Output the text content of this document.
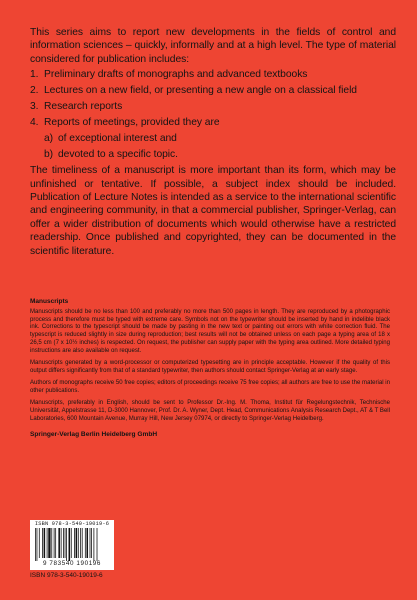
This series aims to report new developments in the fields of control and information sciences – quickly, informally and at a high level. The type of material considered for publication includes:

1. Preliminary drafts of monographs and advanced textbooks
2. Lectures on a new field, or presenting a new angle on a classical field
3. Research reports
4. Reports of meetings, provided they are
a) of exceptional interest and
b) devoted to a specific topic.

The timeliness of a manuscript is more important than its form, which may be unfinished or tentative. If possible, a subject index should be included. Publication of Lecture Notes is intended as a service to the international scientific and engineering community, in that a commercial publisher, Springer-Verlag, can offer a wider distribution of documents which would otherwise have a restricted readership. Once published and copyrighted, they can be documented in the scientific literature.

Manuscripts

Manuscripts should be no less than 100 and preferably no more than 500 pages in length. They are reproduced by a photographic process and therefore must be typed with extreme care. Symbols not on the typewriter should be inserted by hand in indelible black ink. Corrections to the typescript should be made by pasting in the new text or painting out errors with white correction fluid. The typescript is reduced slightly in size during reproduction; best results will not be obtained unless on each page a typing area of 18 x 26,5 cm (7 x 10½ inches) is respected. On request, the publisher can supply paper with the typing area outlined. More detailed typing instructions are also available on request.

Manuscripts generated by a word-processor or computerized typesetting are in principle acceptable. However if the quality of this output differs significantly from that of a standard typewriter, then authors should contact Springer-Verlag at an early stage.

Authors of monographs receive 50 free copies; editors of proceedings receive 75 free copies; all authors are free to use the material in other publications.

Manuscripts, preferably in English, should be sent to Professor Dr.-Ing. M. Thoma, Institut für Regelungstechnik, Technische Universität, Appelstrasse 11, D-3000 Hannover, Prof. Dr. A. Wyner, Dept. Head, Communications Analysis Research Dept., AT & T Bell Laboratories, 600 Mountain Avenue, Murray Hill, New Jersey 07974, or directly to Springer-Verlag Heidelberg.

Springer-Verlag Berlin Heidelberg GmbH

ISBN 978-3-540-19019-6
9 783540 190196
ISBN 978-3-540-19019-6
